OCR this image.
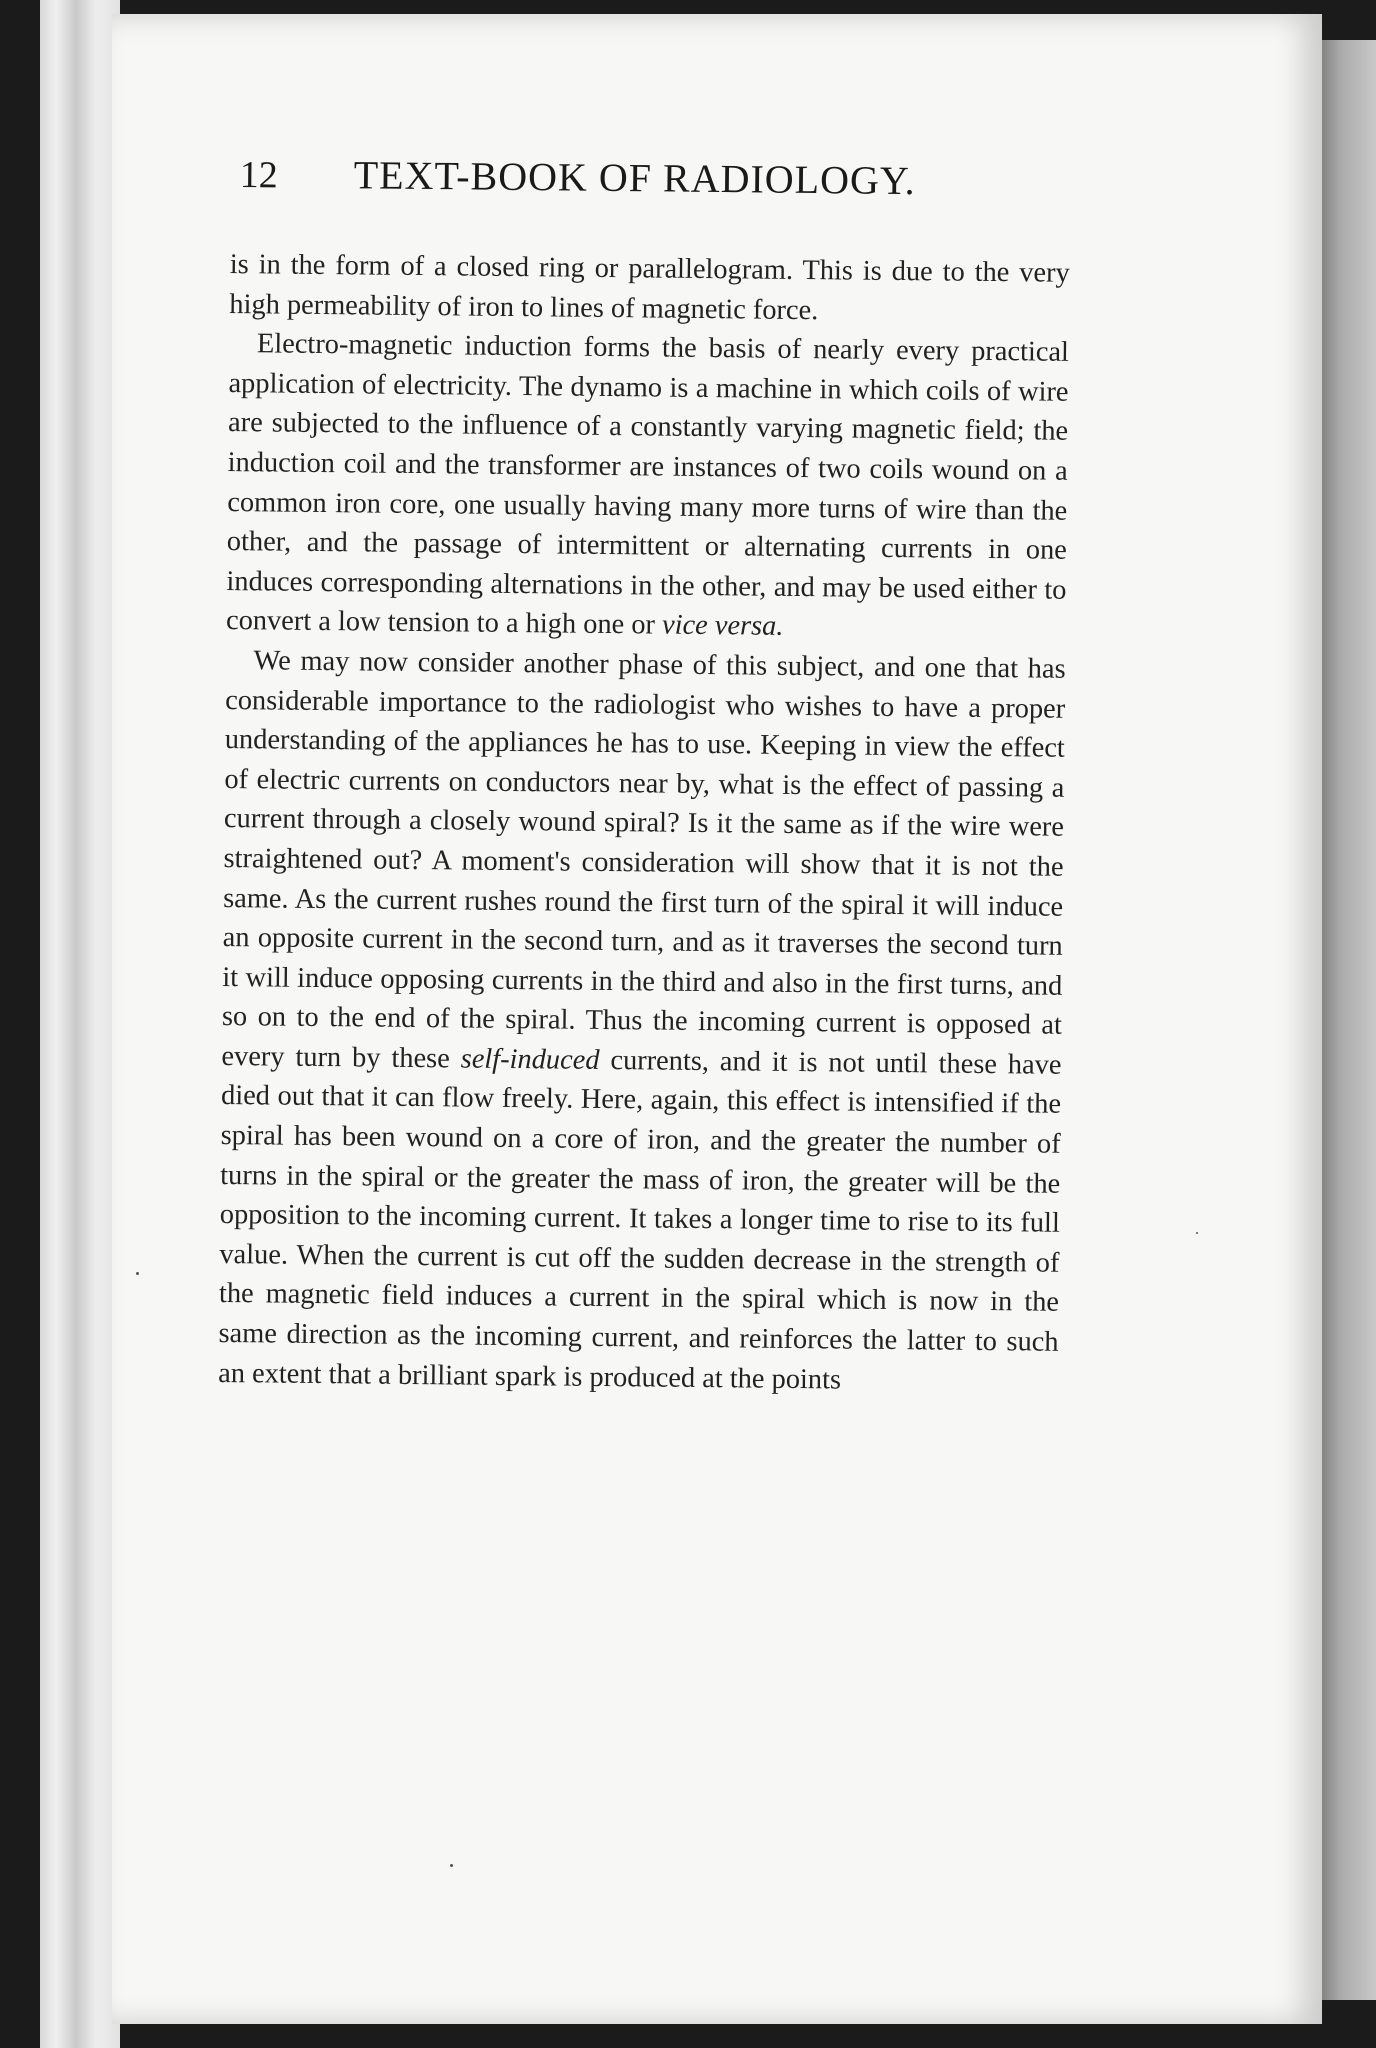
12 TEXT-BOOK OF RADIOLOGY.

is in the form of a closed ring or parallelogram. This is due to the very high permeability of iron to lines of magnetic force.

Electro-magnetic induction forms the basis of nearly every practical application of electricity. The dynamo is a machine in which coils of wire are subjected to the influence of a constantly varying magnetic field; the induction coil and the transformer are instances of two coils wound on a common iron core, one usually having many more turns of wire than the other, and the passage of intermittent or alternating currents in one induces corresponding alternations in the other, and may be used either to convert a low tension to a high one or vice versa.

We may now consider another phase of this subject, and one that has considerable importance to the radiologist who wishes to have a proper understanding of the appliances he has to use. Keeping in view the effect of electric currents on conductors near by, what is the effect of passing a current through a closely wound spiral? Is it the same as if the wire were straightened out? A moment's consideration will show that it is not the same. As the current rushes round the first turn of the spiral it will induce an opposite current in the second turn, and as it traverses the second turn it will induce opposing currents in the third and also in the first turns, and so on to the end of the spiral. Thus the incoming current is opposed at every turn by these self-induced currents, and it is not until these have died out that it can flow freely. Here, again, this effect is intensified if the spiral has been wound on a core of iron, and the greater the number of turns in the spiral or the greater the mass of iron, the greater will be the opposition to the incoming current. It takes a longer time to rise to its full value. When the current is cut off the sudden decrease in the strength of the magnetic field induces a current in the spiral which is now in the same direction as the incoming current, and reinforces the latter to such an extent that a brilliant spark is produced at the points
